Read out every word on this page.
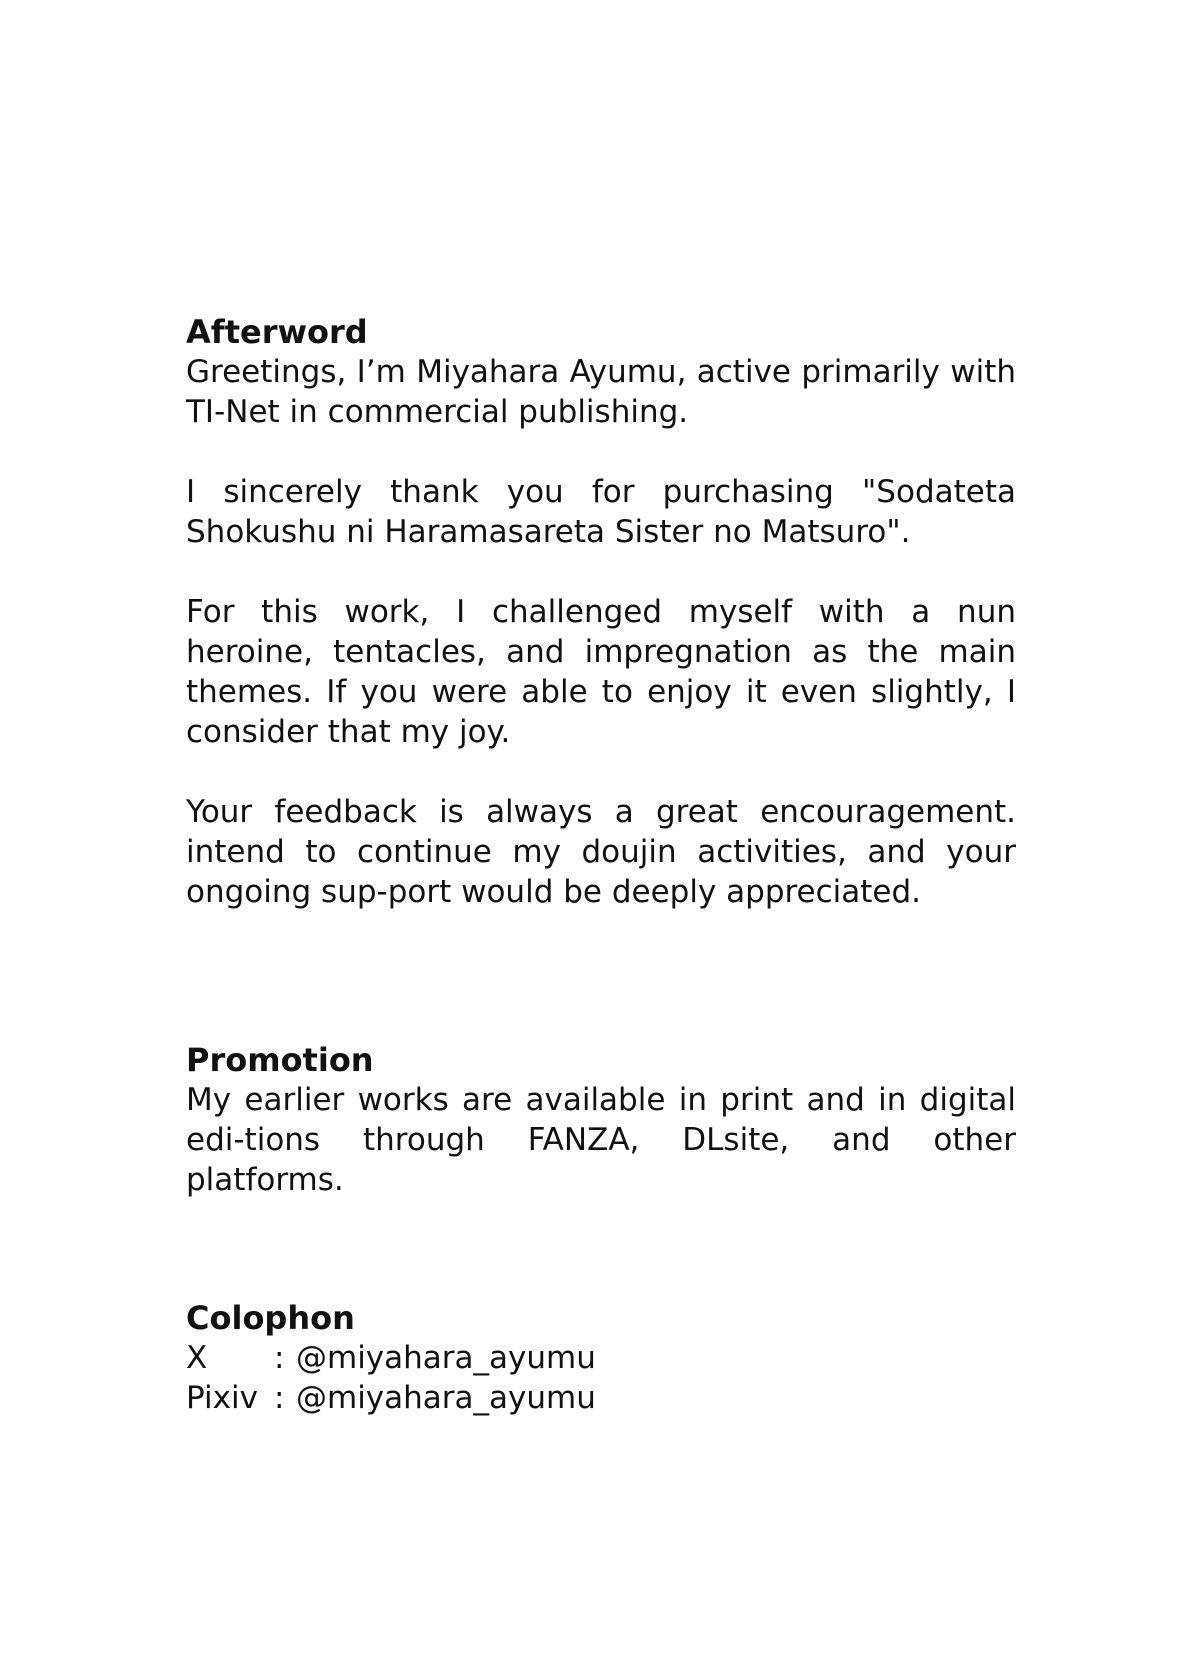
Afterword

Greetings, I’m Miyahara Ayumu, active primarily with TI-Net in commercial publishing.

I sincerely thank you for purchasing "Sodateta Shokushu ni Haramasareta Sister no Matsuro".

For this work, I challenged myself with a nun heroine, tentacles, and impregnation as the main themes. If you were able to enjoy it even slightly, I consider that my joy.

Your feedback is always a great encouragement. intend to continue my doujin activities, and your ongoing sup-port would be deeply appreciated.

Promotion

My earlier works are available in print and in digital edi-tions through FANZA, DLsite, and other platforms.

Colophon
X	: @miyahara_ayumu
Pixiv : @miyahara_ayumu
